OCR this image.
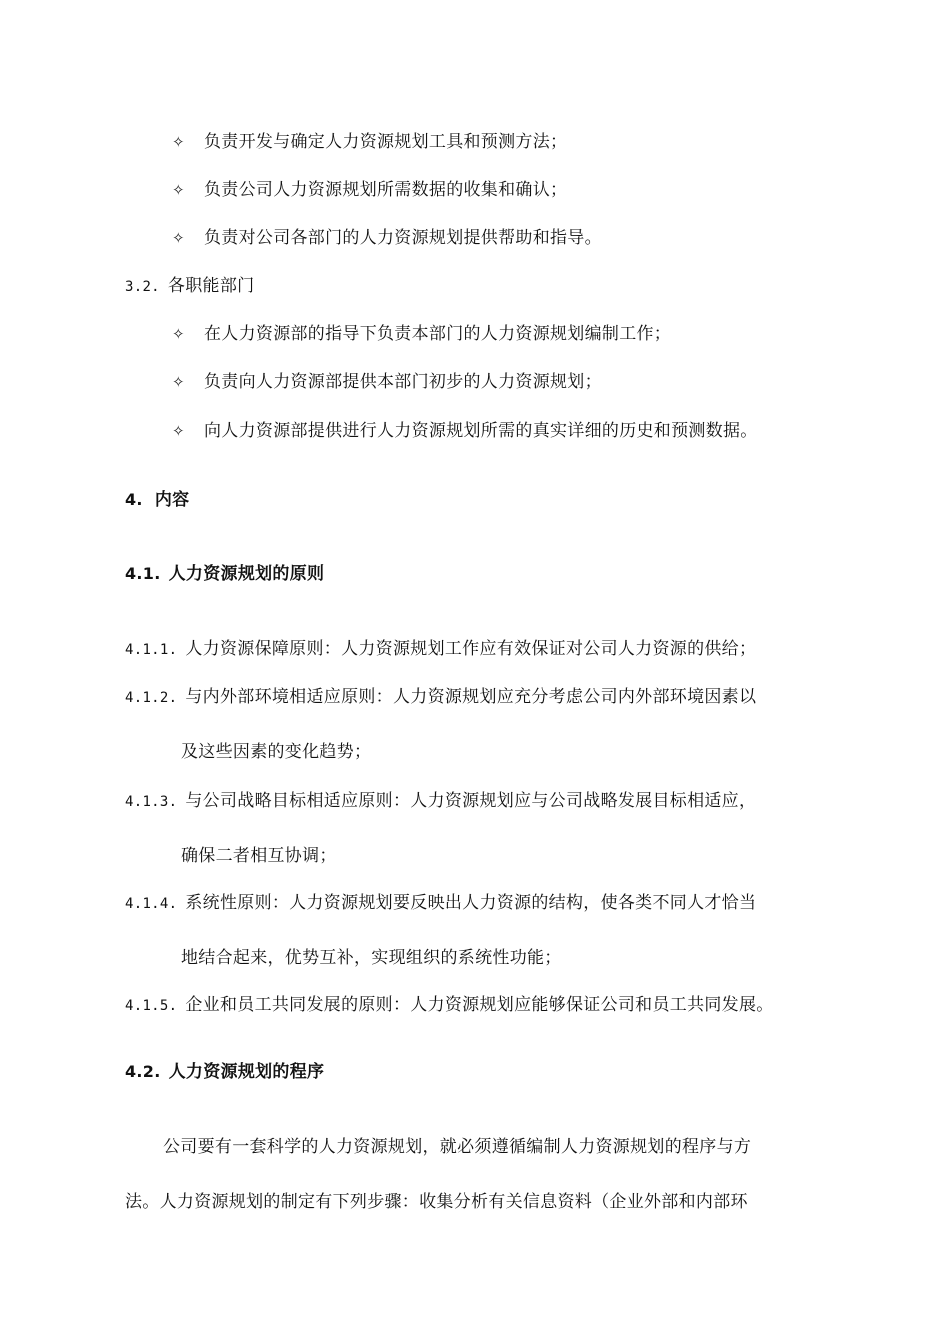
✧ 负责开发与确定人力资源规划工具和预测方法；
✧ 负责公司人力资源规划所需数据的收集和确认；
✧ 负责对公司各部门的人力资源规划提供帮助和指导。
3.2. 各职能部门
✧ 在人力资源部的指导下负责本部门的人力资源规划编制工作；
✧ 负责向人力资源部提供本部门初步的人力资源规划；
✧ 向人力资源部提供进行人力资源规划所需的真实详细的历史和预测数据。
4. 内容
4.1. 人力资源规划的原则
4.1.1. 人力资源保障原则：人力资源规划工作应有效保证对公司人力资源的供给；
4.1.2. 与内外部环境相适应原则：人力资源规划应充分考虑公司内外部环境因素以
及这些因素的变化趋势；
4.1.3. 与公司战略目标相适应原则：人力资源规划应与公司战略发展目标相适应，
确保二者相互协调；
4.1.4. 系统性原则：人力资源规划要反映出人力资源的结构，使各类不同人才恰当
地结合起来，优势互补，实现组织的系统性功能；
4.1.5. 企业和员工共同发展的原则：人力资源规划应能够保证公司和员工共同发展。
4.2. 人力资源规划的程序
公司要有一套科学的人力资源规划，就必须遵循编制人力资源规划的程序与方
法。人力资源规划的制定有下列步骤：收集分析有关信息资料（企业外部和内部环
